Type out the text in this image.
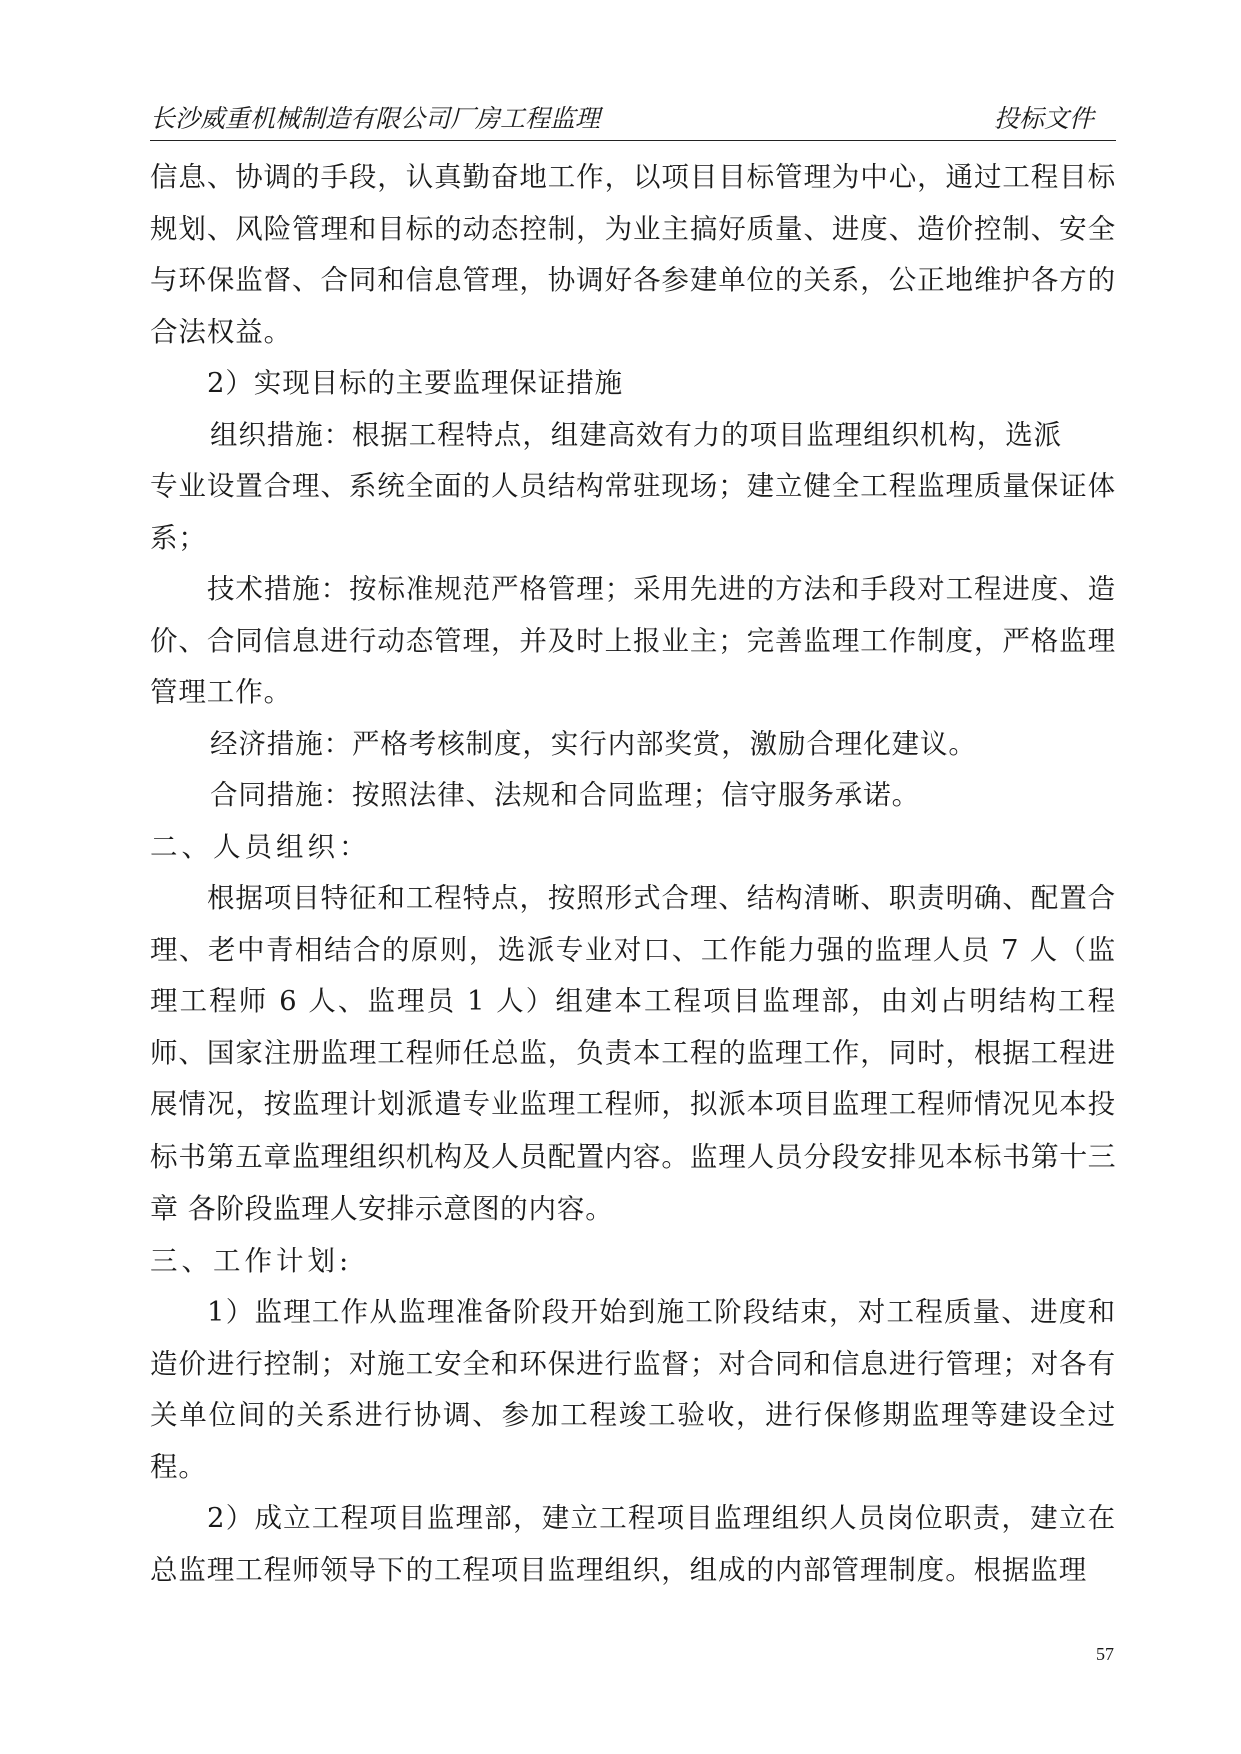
长沙威重机械制造有限公司厂房工程监理	投标文件

信息、协调的手段，认真勤奋地工作，以项目目标管理为中心，通过工程目标规划、风险管理和目标的动态控制，为业主搞好质量、进度、造价控制、安全与环保监督、合同和信息管理，协调好各参建单位的关系，公正地维护各方的合法权益。

2）实现目标的主要监理保证措施

组织措施：根据工程特点，组建高效有力的项目监理组织机构，选派

专业设置合理、系统全面的人员结构常驻现场；建立健全工程监理质量保证体系；

技术措施：按标准规范严格管理；采用先进的方法和手段对工程进度、造价、合同信息进行动态管理，并及时上报业主；完善监理工作制度，严格监理管理工作。

经济措施：严格考核制度，实行内部奖赏，激励合理化建议。

合同措施：按照法律、法规和合同监理；信守服务承诺。

二、人员组织：

根据项目特征和工程特点，按照形式合理、结构清晰、职责明确、配置合理、老中青相结合的原则，选派专业对口、工作能力强的监理人员 7 人（监理工程师 6 人、监理员 1 人）组建本工程项目监理部，由刘占明结构工程师、国家注册监理工程师任总监，负责本工程的监理工作，同时，根据工程进展情况，按监理计划派遣专业监理工程师，拟派本项目监理工程师情况见本投标书第五章监理组织机构及人员配置内容。监理人员分段安排见本标书第十三章 各阶段监理人安排示意图的内容。

三、工作计划:

1）监理工作从监理准备阶段开始到施工阶段结束，对工程质量、进度和造价进行控制；对施工安全和环保进行监督；对合同和信息进行管理；对各有关单位间的关系进行协调、参加工程竣工验收，进行保修期监理等建设全过程。

2）成立工程项目监理部，建立工程项目监理组织人员岗位职责，建立在总监理工程师领导下的工程项目监理组织，组成的内部管理制度。根据监理

57
